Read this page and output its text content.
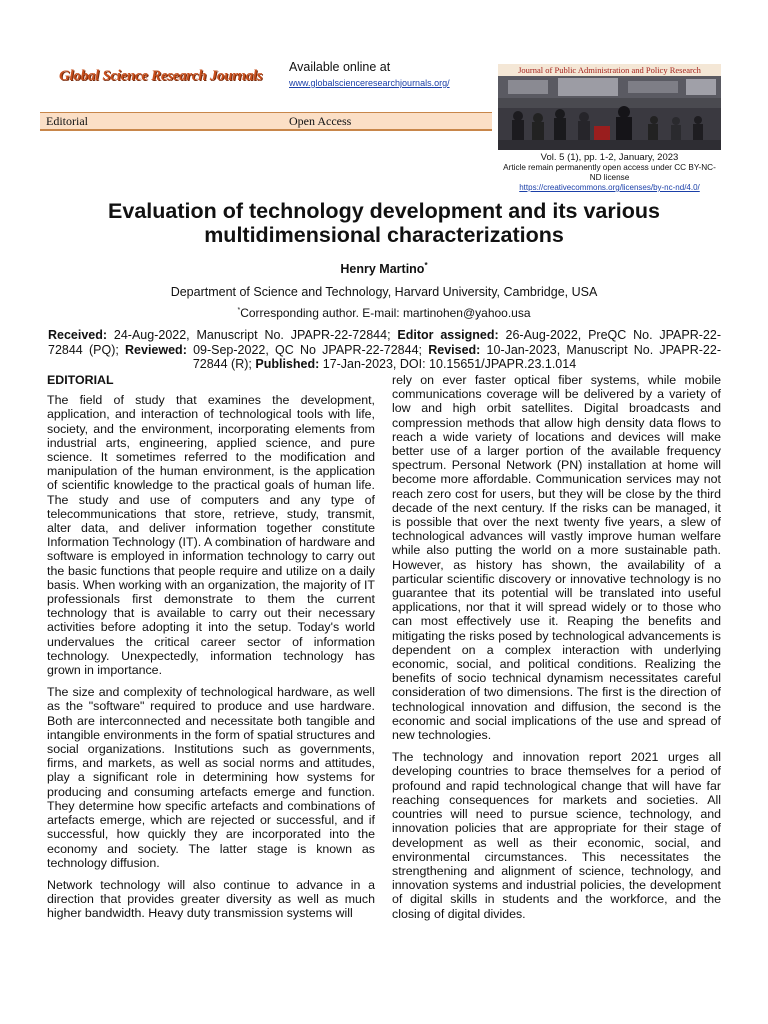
Global Science Research Journals
Available online at
www.globalscienceresearchjournals.org/
Editorial	Open Access
Journal of Public Administration and Policy Research
Vol. 5 (1), pp. 1-2, January, 2023
Article remain permanently open access under CC BY-NC-ND license
https://creativecommons.org/licenses/by-nc-nd/4.0/
Evaluation of technology development and its various multidimensional characterizations
Henry Martino*
Department of Science and Technology, Harvard University, Cambridge, USA
*Corresponding author. E-mail: martinohen@yahoo.usa
Received: 24-Aug-2022, Manuscript No. JPAPR-22-72844; Editor assigned: 26-Aug-2022, PreQC No. JPAPR-22-72844 (PQ); Reviewed: 09-Sep-2022, QC No JPAPR-22-72844; Revised: 10-Jan-2023, Manuscript No. JPAPR-22-72844 (R); Published: 17-Jan-2023, DOI: 10.15651/JPAPR.23.1.014
EDITORIAL

The field of study that examines the development, application, and interaction of technological tools with life, society, and the environment, incorporating elements from industrial arts, engineering, applied science, and pure science. It sometimes referred to the modification and manipulation of the human environment, is the application of scientific knowledge to the practical goals of human life. The study and use of computers and any type of telecommunications that store, retrieve, study, transmit, alter data, and deliver information together constitute Information Technology (IT). A combination of hardware and software is employed in information technology to carry out the basic functions that people require and utilize on a daily basis. When working with an organization, the majority of IT professionals first demonstrate to them the current technology that is available to carry out their necessary activities before adopting it into the setup. Today's world undervalues the critical career sector of information technology. Unexpectedly, information technology has grown in importance.

The size and complexity of technological hardware, as well as the "software" required to produce and use hardware. Both are interconnected and necessitate both tangible and intangible environments in the form of spatial structures and social organizations. Institutions such as governments, firms, and markets, as well as social norms and attitudes, play a significant role in determining how systems for producing and consuming artefacts emerge and function. They determine how specific artefacts and combinations of artefacts emerge, which are rejected or successful, and if successful, how quickly they are incorporated into the economy and society. The latter stage is known as technology diffusion.

Network technology will also continue to advance in a direction that provides greater diversity as well as much higher bandwidth. Heavy duty transmission systems will

rely on ever faster optical fiber systems, while mobile communications coverage will be delivered by a variety of low and high orbit satellites. Digital broadcasts and compression methods that allow high density data flows to reach a wide variety of locations and devices will make better use of a larger portion of the available frequency spectrum. Personal Network (PN) installation at home will become more affordable. Communication services may not reach zero cost for users, but they will be close by the third decade of the next century. If the risks can be managed, it is possible that over the next twenty five years, a slew of technological advances will vastly improve human welfare while also putting the world on a more sustainable path. However, as history has shown, the availability of a particular scientific discovery or innovative technology is no guarantee that its potential will be translated into useful applications, nor that it will spread widely or to those who can most effectively use it. Reaping the benefits and mitigating the risks posed by technological advancements is dependent on a complex interaction with underlying economic, social, and political conditions. Realizing the benefits of socio technical dynamism necessitates careful consideration of two dimensions. The first is the direction of technological innovation and diffusion, the second is the economic and social implications of the use and spread of new technologies.

The technology and innovation report 2021 urges all developing countries to brace themselves for a period of profound and rapid technological change that will have far reaching consequences for markets and societies. All countries will need to pursue science, technology, and innovation policies that are appropriate for their stage of development as well as their economic, social, and environmental circumstances. This necessitates the strengthening and alignment of science, technology, and innovation systems and industrial policies, the development of digital skills in students and the workforce, and the closing of digital divides.
